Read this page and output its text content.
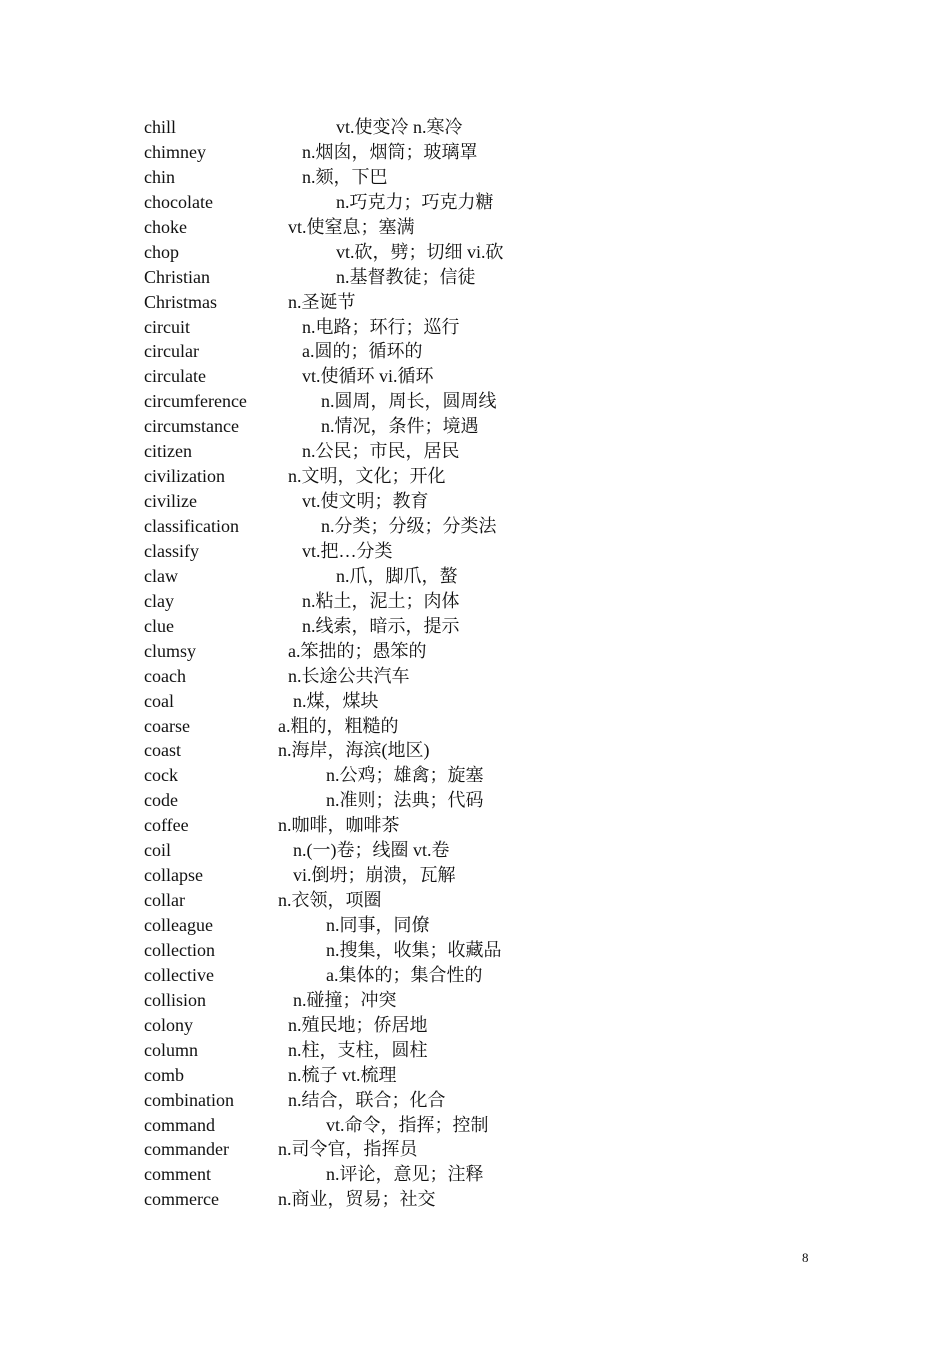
chill	vt.使变冷 n.寒冷
chimney	n.烟囱，烟筒；玻璃罩
chin	n.颏，下巴
chocolate	n.巧克力；巧克力糖
choke	vt.使窒息；塞满
chop	vt.砍，劈；切细 vi.砍
Christian	n.基督教徒；信徒
Christmas	n.圣诞节
circuit	n.电路；环行；巡行
circular	a.圆的；循环的
circulate	vt.使循环 vi.循环
circumference	n.圆周，周长，圆周线
circumstance	n.情况，条件；境遇
citizen	n.公民；市民，居民
civilization	n.文明，文化；开化
civilize	vt.使文明；教育
classification	n.分类；分级；分类法
classify	vt.把…分类
claw	n.爪，脚爪，螯
clay	n.粘土，泥土；肉体
clue	n.线索，暗示，提示
clumsy	a.笨拙的；愚笨的
coach	n.长途公共汽车
coal	n.煤，煤块
coarse	a.粗的，粗糙的
coast	n.海岸，海滨(地区)
cock	n.公鸡；雄禽；旋塞
code	n.准则；法典；代码
coffee	n.咖啡，咖啡茶
coil	n.(一)卷；线圈 vt.卷
collapse	vi.倒坍；崩溃，瓦解
collar	n.衣领，项圈
colleague	n.同事，同僚
collection	n.搜集，收集；收藏品
collective	a.集体的；集合性的
collision	n.碰撞；冲突
colony	n.殖民地；侨居地
column	n.柱，支柱，圆柱
comb	n.梳子 vt.梳理
combination	n.结合，联合；化合
command	vt.命令，指挥；控制
commander	n.司令官，指挥员
comment	n.评论，意见；注释
commerce	n.商业，贸易；社交
8
